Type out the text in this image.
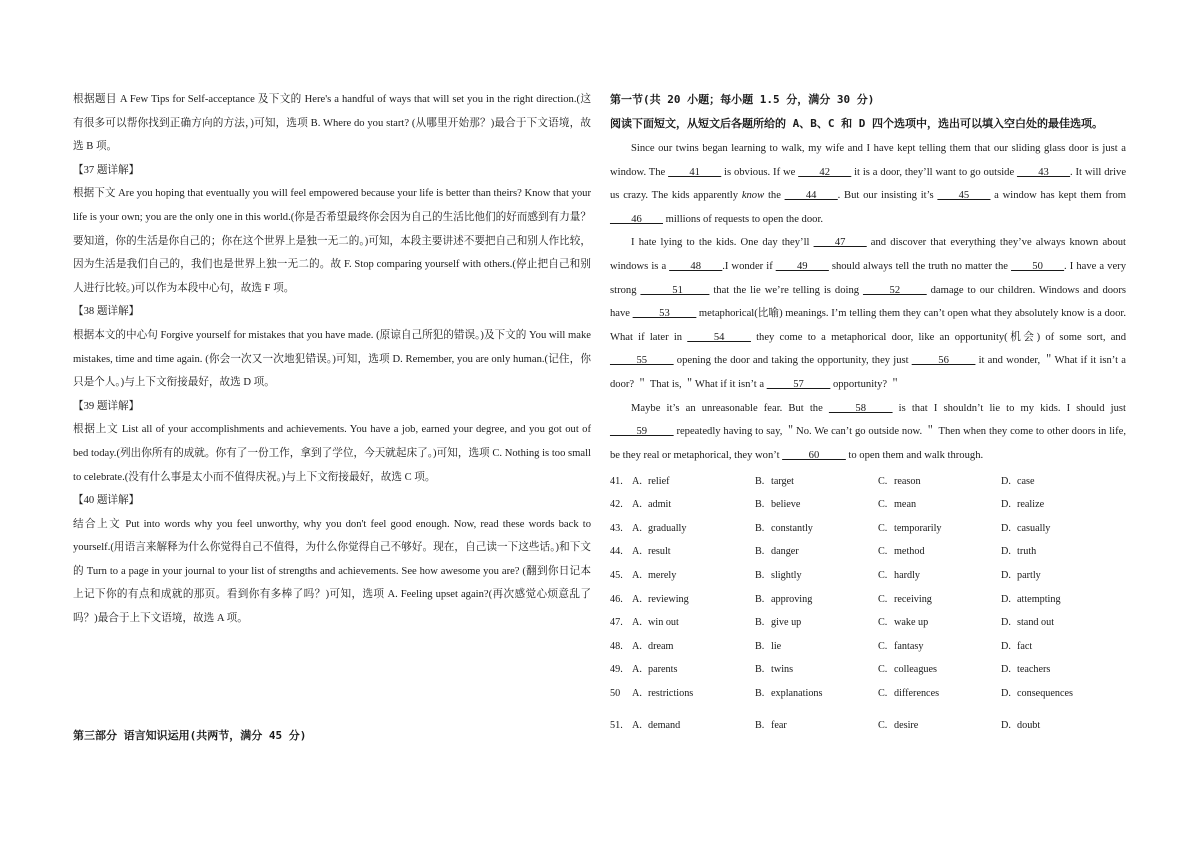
根据题目 A Few Tips for Self-acceptance 及下文的 Here's a handful of ways that will set you in the right direction.(这有很多可以帮你找到正确方向的方法，)可知，选项 B. Where do you start? (从哪里开始那？)最合于下文语境，故选 B 项。

【37 题详解】

根据下文 Are you hoping that eventually you will feel empowered because your life is better than theirs? Know that your life is your own; you are the only one in this world.(你是否希望最终你会因为自己的生活比他们的好而感到有力量？要知道，你的生活是你自己的；你在这个世界上是独一无二的。)可知，本段主要讲述不要把自己和别人作比较，因为生活是我们自己的，我们也是世界上独一无二的。故 F. Stop comparing yourself with others.(停止把自己和别人进行比较。)可以作为本段中心句，故选 F 项。

【38 题详解】

根据本文的中心句 Forgive yourself for mistakes that you have made. (原谅自己所犯的错误。)及下文的 You will make mistakes, time and time again. (你会一次又一次地犯错误。)可知，选项 D. Remember, you are only human.(记住，你只是个人。)与上下文衔接最好，故选 D 项。

【39 题详解】

根据上文 List all of your accomplishments and achievements. You have a job, earned your degree, and you got out of bed today.(列出你所有的成就。你有了一份工作，拿到了学位，今天就起床了。)可知，选项 C. Nothing is too small to celebrate.(没有什么事是太小而不值得庆祝。)与上下文衔接最好，故选 C 项。

【40 题详解】

结合上文 Put into words why you feel unworthy, why you don't feel good enough. Now, read these words back to yourself.(用语言来解释为什么你觉得自己不值得，为什么你觉得自己不够好。现在，自己读一下这些话。)和下文的 Turn to a page in your journal to your list of strengths and achievements. See how awesome you are? (翻到你日记本上记下你的有点和成就的那页。看到你有多棒了吗？)可知，选项 A. Feeling upset again?(再次感觉心烦意乱了吗？)最合于上下文语境，故选 A 项。

第三部分 语言知识运用(共两节，满分 45 分)

第一节(共 20 小题；每小题 1.5 分，满分 30 分)

阅读下面短文，从短文后各题所给的 A、B、C 和 D 四个选项中，选出可以填入空白处的最佳选项。

Since our twins began learning to walk, my wife and I have kept telling them that our sliding glass door is just a window. The ____41____ is obvious. If we ____42____ it is a door, they’ll want to go outside ____43____. It will drive us crazy. The kids apparently know the ____44____. But our insisting it’s ____45____ a window has kept them from ____46____ millions of requests to open the door.

I hate lying to the kids. One day they’ll ____47____ and discover that everything they’ve always known about windows is a ____48____.I wonder if ____49____ should always tell the truth no matter the ____50____. I have a very strong ______51_____ that the lie we’re telling is doing _____52_____ damage to our children. Windows and doors have _____53_____ metaphorical(比喻) meanings. I’m telling them they can’t open what they absolutely know is a door. What if later in _____54_____ they come to a metaphorical door, like an opportunity(机会) of some sort, and _____55_____ opening the door and taking the opportunity, they just _____56_____ it and wonder, ＂What if it isn’t a door? ＂ That is, ＂What if it isn’t a _____57_____ opportunity? ＂

Maybe it’s an unreasonable fear. But the _____58_____ is that I shouldn’t lie to my kids. I should just _____59_____ repeatedly having to say, ＂No. We can’t go outside now. ＂ Then when they come to other doors in life, be they real or metaphorical, they won’t _____60_____ to open them and walk through.

41. A. relief	B. target	C. reason	D. case
42. A. admit	B. believe	C. mean	D. realize
43. A. gradually	B. constantly	C. temporarily	D. casually
44. A. result	B. danger	C. method	D. truth
45. A. merely	B. slightly	C. hardly	D. partly
46. A. reviewing	B. approving	C. receiving	D. attempting
47. A. win out	B. give up	C. wake up	D. stand out
48. A. dream	B. lie	C. fantasy	D. fact
49. A. parents	B. twins	C. colleagues	D. teachers
50	A. restrictions	B. explanations	C. differences	D. consequences
51. A. demand	B. fear	C. desire	D. doubt
